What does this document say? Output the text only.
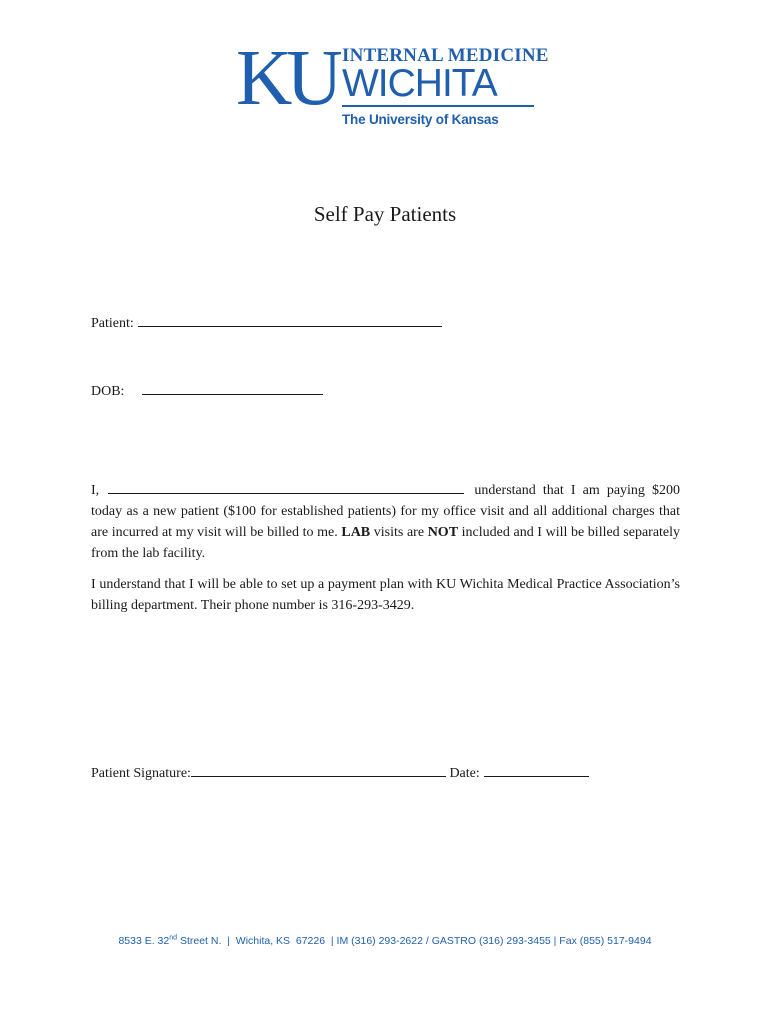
KU INTERNAL MEDICINE
WICHITA
The University of Kansas
Self Pay Patients
Patient:
DOB:

I,	understand that I am paying $200 today as a new patient ($100 for established patients) for my office visit and all additional charges that are incurred at my visit will be billed to me. LAB visits are NOT included and I will be billed separately from the lab facility.

I understand that I will be able to set up a payment plan with KU Wichita Medical Practice Association’s billing department. Their phone number is 316-293-3429.

Patient Signature:	Date:
8533 E. 32nd Street N.  |  Wichita, KS  67226  | IM (316) 293-2622 / GASTRO (316) 293-3455 | Fax (855) 517-9494
